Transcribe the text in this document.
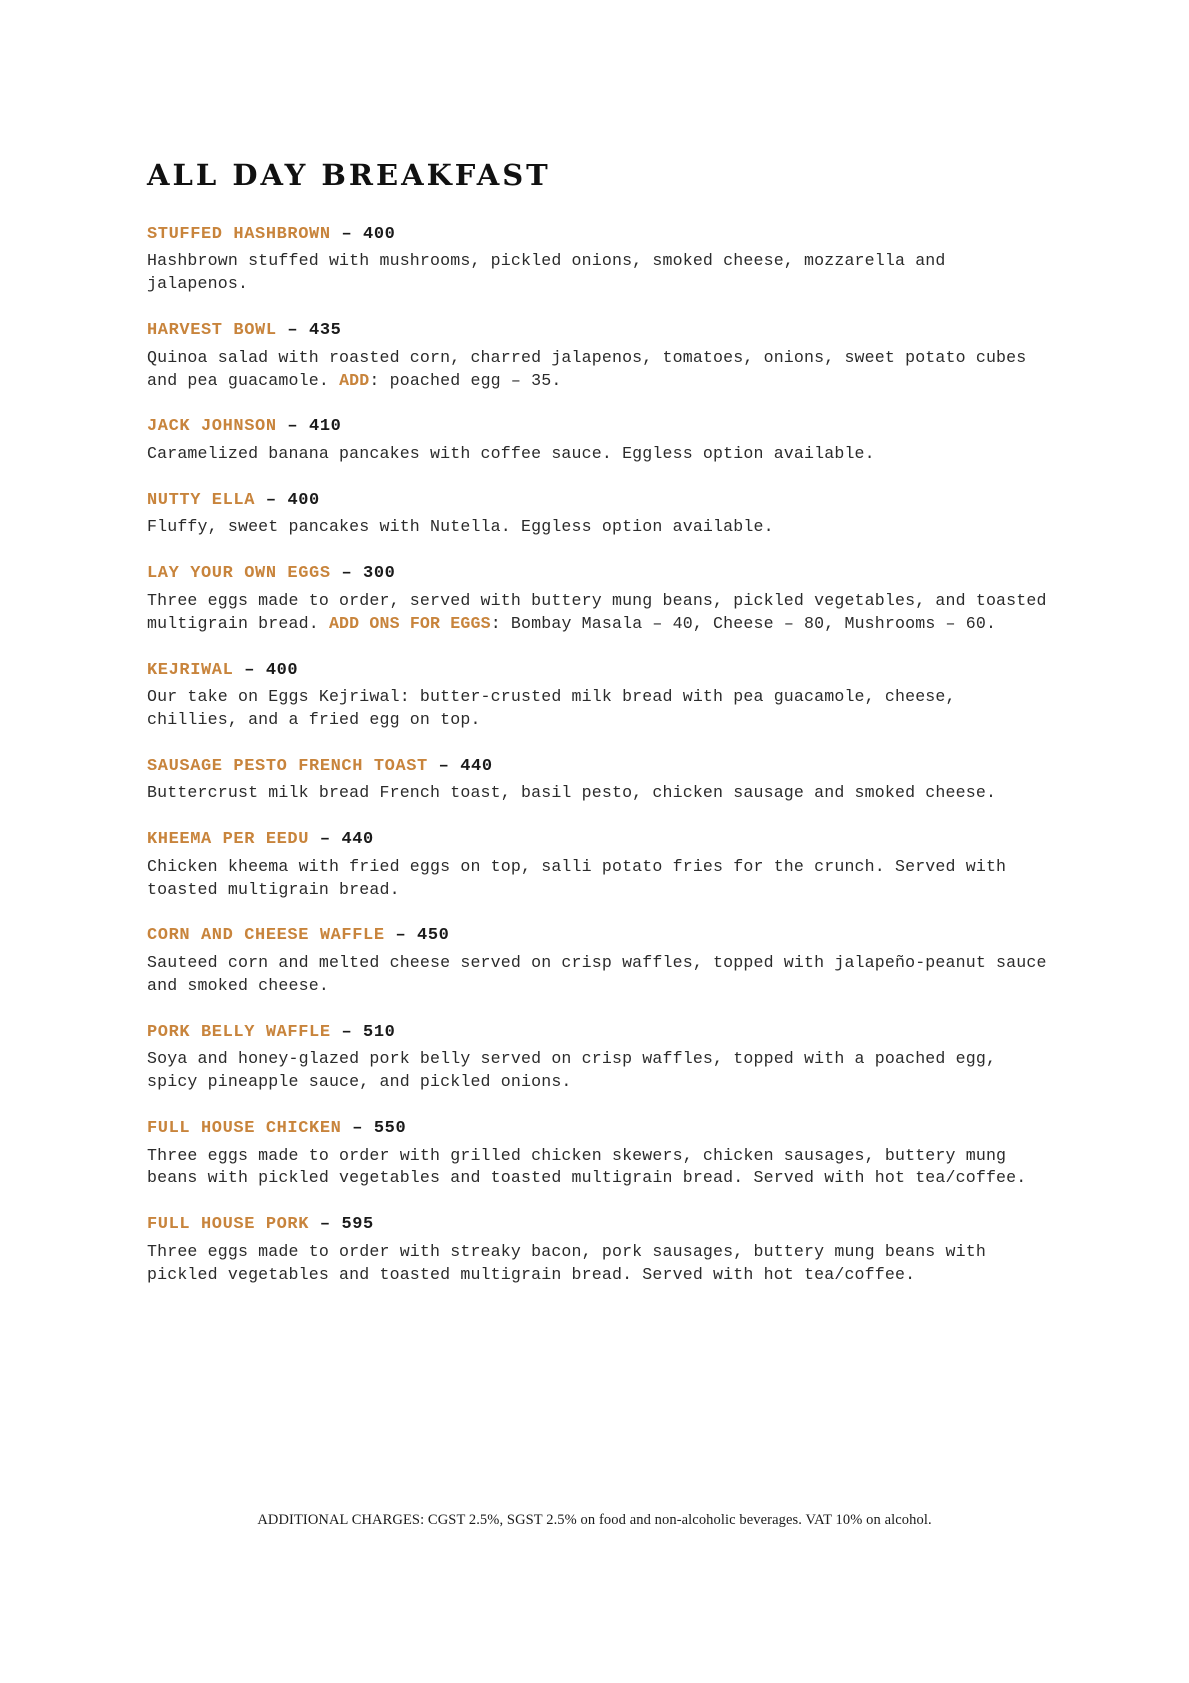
ALL DAY BREAKFAST
STUFFED HASHBROWN – 400

Hashbrown stuffed with mushrooms, pickled onions, smoked cheese, mozzarella and jalapenos.

HARVEST BOWL – 435

Quinoa salad with roasted corn, charred jalapenos, tomatoes, onions, sweet potato cubes and pea guacamole. ADD: poached egg – 35.

JACK JOHNSON – 410

Caramelized banana pancakes with coffee sauce. Eggless option available.

NUTTY ELLA – 400

Fluffy, sweet pancakes with Nutella. Eggless option available.

LAY YOUR OWN EGGS – 300

Three eggs made to order, served with buttery mung beans, pickled vegetables, and toasted multigrain bread. ADD ONS FOR EGGS: Bombay Masala – 40, Cheese – 80, Mushrooms – 60.

KEJRIWAL – 400

Our take on Eggs Kejriwal: butter-crusted milk bread with pea guacamole, cheese, chillies, and a fried egg on top.

SAUSAGE PESTO FRENCH TOAST – 440

Buttercrust milk bread French toast, basil pesto, chicken sausage and smoked cheese.

KHEEMA PER EEDU – 440

Chicken kheema with fried eggs on top, salli potato fries for the crunch. Served with toasted multigrain bread.

CORN AND CHEESE WAFFLE – 450

Sauteed corn and melted cheese served on crisp waffles, topped with jalapeño-peanut sauce and smoked cheese.

PORK BELLY WAFFLE – 510

Soya and honey-glazed pork belly served on crisp waffles, topped with a poached egg, spicy pineapple sauce, and pickled onions.

FULL HOUSE CHICKEN – 550

Three eggs made to order with grilled chicken skewers, chicken sausages, buttery mung beans with pickled vegetables and toasted multigrain bread. Served with hot tea/coffee.

FULL HOUSE PORK – 595

Three eggs made to order with streaky bacon, pork sausages, buttery mung beans with pickled vegetables and toasted multigrain bread. Served with hot tea/coffee.

ADDITIONAL CHARGES: CGST 2.5%, SGST 2.5% on food and non-alcoholic beverages. VAT 10% on alcohol.
